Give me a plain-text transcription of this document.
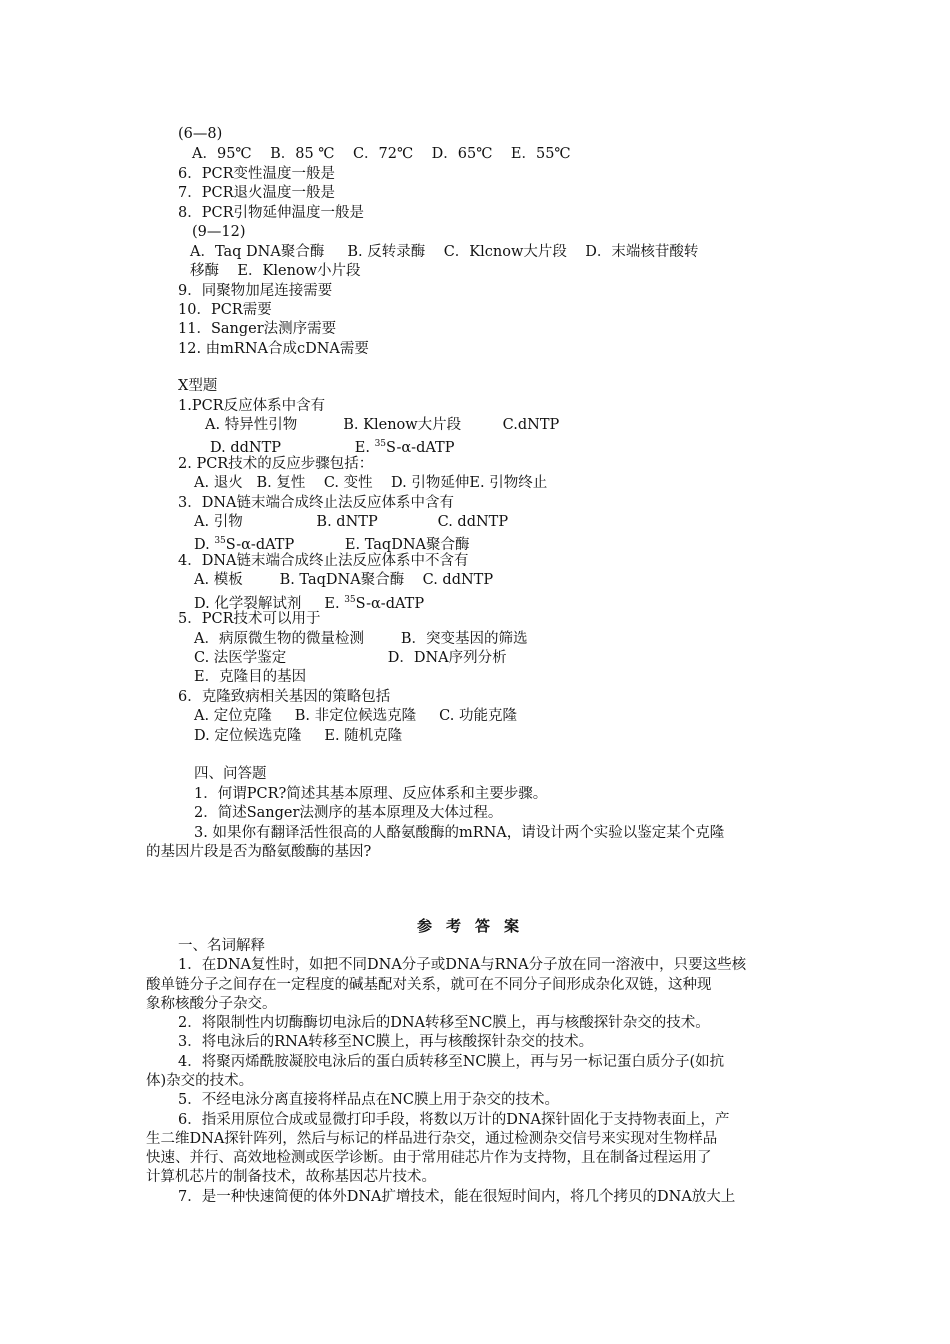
(6—8)
A．95℃    B．85 ℃    C．72℃    D．65℃    E．55℃
6．PCR变性温度一般是
7．PCR退火温度一般是
8．PCR引物延伸温度一般是
(9—12)
A．Taq DNA聚合酶     B. 反转录酶    C．Klcnow大片段    D．末端核苷酸转
移酶    E．Klenow小片段
9．同聚物加尾连接需要
10．PCR需要
11．Sanger法测序需要
12. 由mRNA合成cDNA需要
X型题
1.PCR反应体系中含有
A. 特异性引物          B. Klenow大片段         C.dNTP
D. ddNTP                E. $^{35}$S-α-dATP
2. PCR技术的反应步骤包括：
A. 退火   B. 复性    C. 变性    D. 引物延伸E. 引物终止
3．DNA链末端合成终止法反应体系中含有
A. 引物                B. dNTP             C. ddNTP
D. $^{35}$S-α-dATP           E. TaqDNA聚合酶
4．DNA链末端合成终止法反应体系中不含有
A. 模板        B. TaqDNA聚合酶    C. ddNTP
D. 化学裂解试剂     E. $^{35}$S-α-dATP
5．PCR技术可以用于
A．病原微生物的微量检测        B．突变基因的筛选
C. 法医学鉴定                      D．DNA序列分析
E．克隆目的基因
6．克隆致病相关基因的策略包括
A. 定位克隆     B. 非定位候选克隆     C. 功能克隆
D. 定位候选克隆     E. 随机克隆
四、问答题
1．何谓PCR?简述其基本原理、反应体系和主要步骤。
2．简述Sanger法测序的基本原理及大体过程。
3. 如果你有翻译活性很高的人酪氨酸酶的mRNA，请设计两个实验以鉴定某个克隆
的基因片段是否为酪氨酸酶的基因?
参考答案
一、名词解释
1．在DNA复性时，如把不同DNA分子或DNA与RNA分子放在同一溶液中，只要这些核
酸单链分子之间存在一定程度的碱基配对关系，就可在不同分子间形成杂化双链，这种现
象称核酸分子杂交。
2．将限制性内切酶酶切电泳后的DNA转移至NC膜上，再与核酸探针杂交的技术。
3．将电泳后的RNA转移至NC膜上，再与核酸探针杂交的技术。
4．将聚丙烯酰胺凝胶电泳后的蛋白质转移至NC膜上，再与另一标记蛋白质分子(如抗
体)杂交的技术。
5．不经电泳分离直接将样品点在NC膜上用于杂交的技术。
6．指采用原位合成或显微打印手段，将数以万计的DNA探针固化于支持物表面上，产
生二维DNA探针阵列，然后与标记的样品进行杂交，通过检测杂交信号来实现对生物样品
快速、并行、高效地检测或医学诊断。由于常用硅芯片作为支持物，且在制备过程运用了
计算机芯片的制备技术，故称基因芯片技术。
7．是一种快速简便的体外DNA扩增技术，能在很短时间内，将几个拷贝的DNA放大上
